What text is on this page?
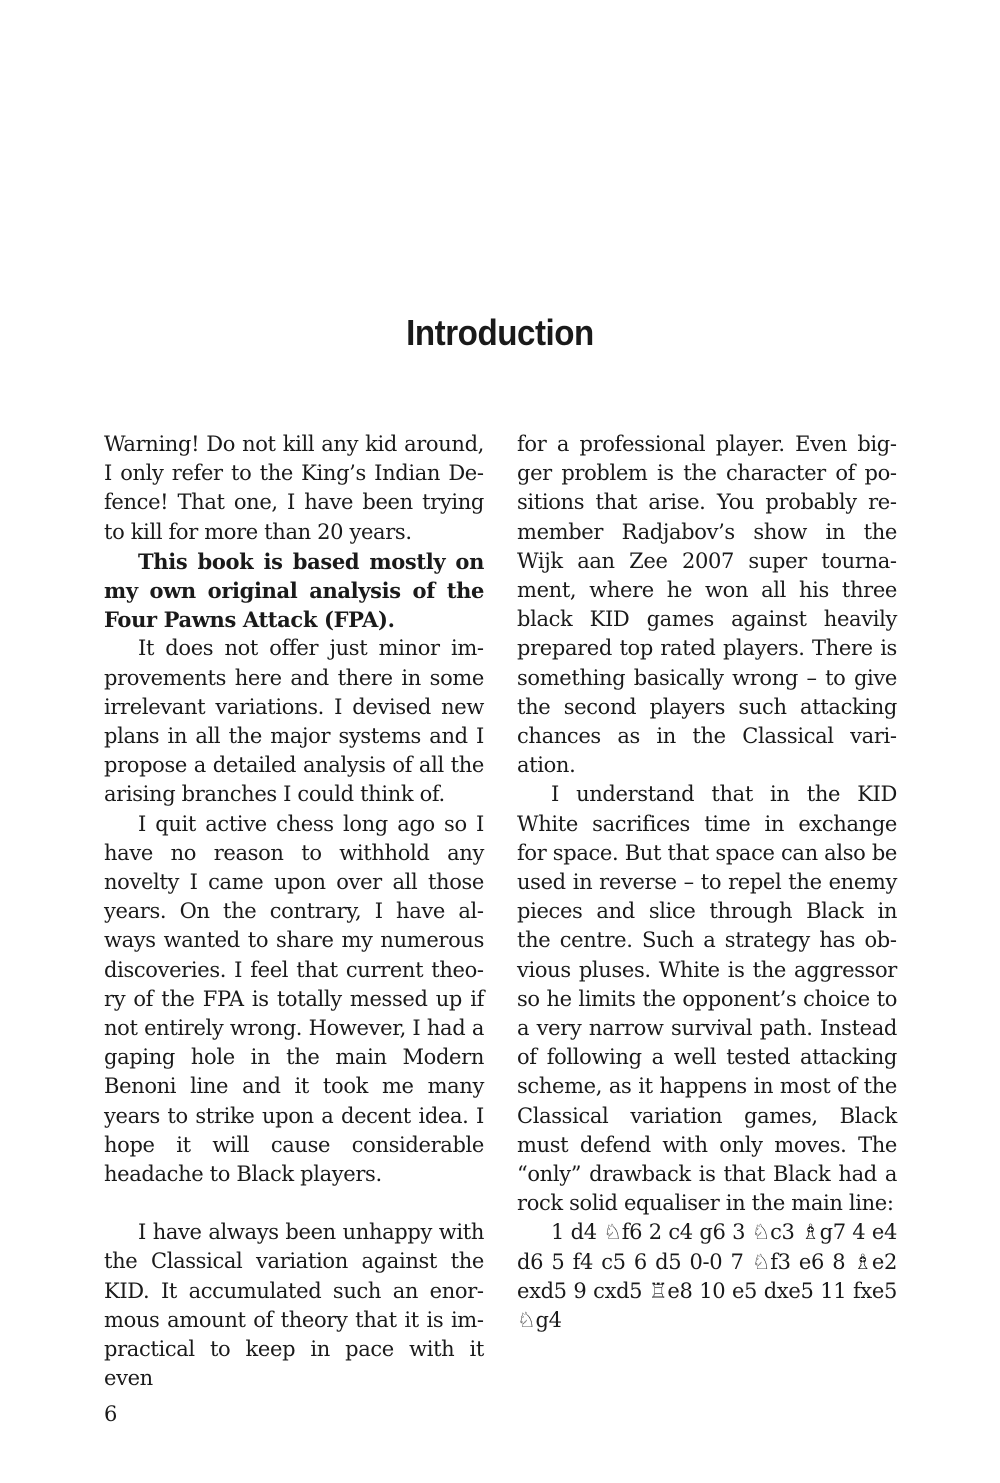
Introduction

Warning! Do not kill any kid around, I only refer to the King’s Indian Defence! That one, I have been trying to kill for more than 20 years.

This book is based mostly on my own original analysis of the Four Pawns Attack (FPA).

It does not offer just minor improvements here and there in some irrelevant variations. I devised new plans in all the major systems and I propose a detailed analysis of all the arising branches I could think of.

I quit active chess long ago so I have no reason to withhold any novelty I came upon over all those years. On the contrary, I have always wanted to share my numerous discoveries. I feel that current theory of the FPA is totally messed up if not entirely wrong. However, I had a gaping hole in the main Modern Benoni line and it took me many years to strike upon a decent idea. I hope it will cause considerable headache to Black players.

I have always been unhappy with the Classical variation against the KID. It accumulated such an enormous amount of theory that it is impractical to keep in pace with it even

for a professional player. Even bigger problem is the character of positions that arise. You probably remember Radjabov’s show in the Wijk aan Zee 2007 super tournament, where he won all his three black KID games against heavily prepared top rated players. There is something basically wrong – to give the second players such attacking chances as in the Classical variation.

I understand that in the KID White sacrifices time in exchange for space. But that space can also be used in reverse – to repel the enemy pieces and slice through Black in the centre. Such a strategy has obvious pluses. White is the aggressor so he limits the opponent’s choice to a very narrow survival path. Instead of following a well tested attacking scheme, as it happens in most of the Classical variation games, Black must defend with only moves. The “only” drawback is that Black had a rock solid equaliser in the main line:

1 d4 ♘f6 2 c4 g6 3 ♘c3 ♗g7 4 e4 d6 5 f4 c5 6 d5 0-0 7 ♘f3 e6 8 ♗e2 exd5 9 cxd5 ♖e8 10 e5 dxe5 11 fxe5 ♘g4

6
